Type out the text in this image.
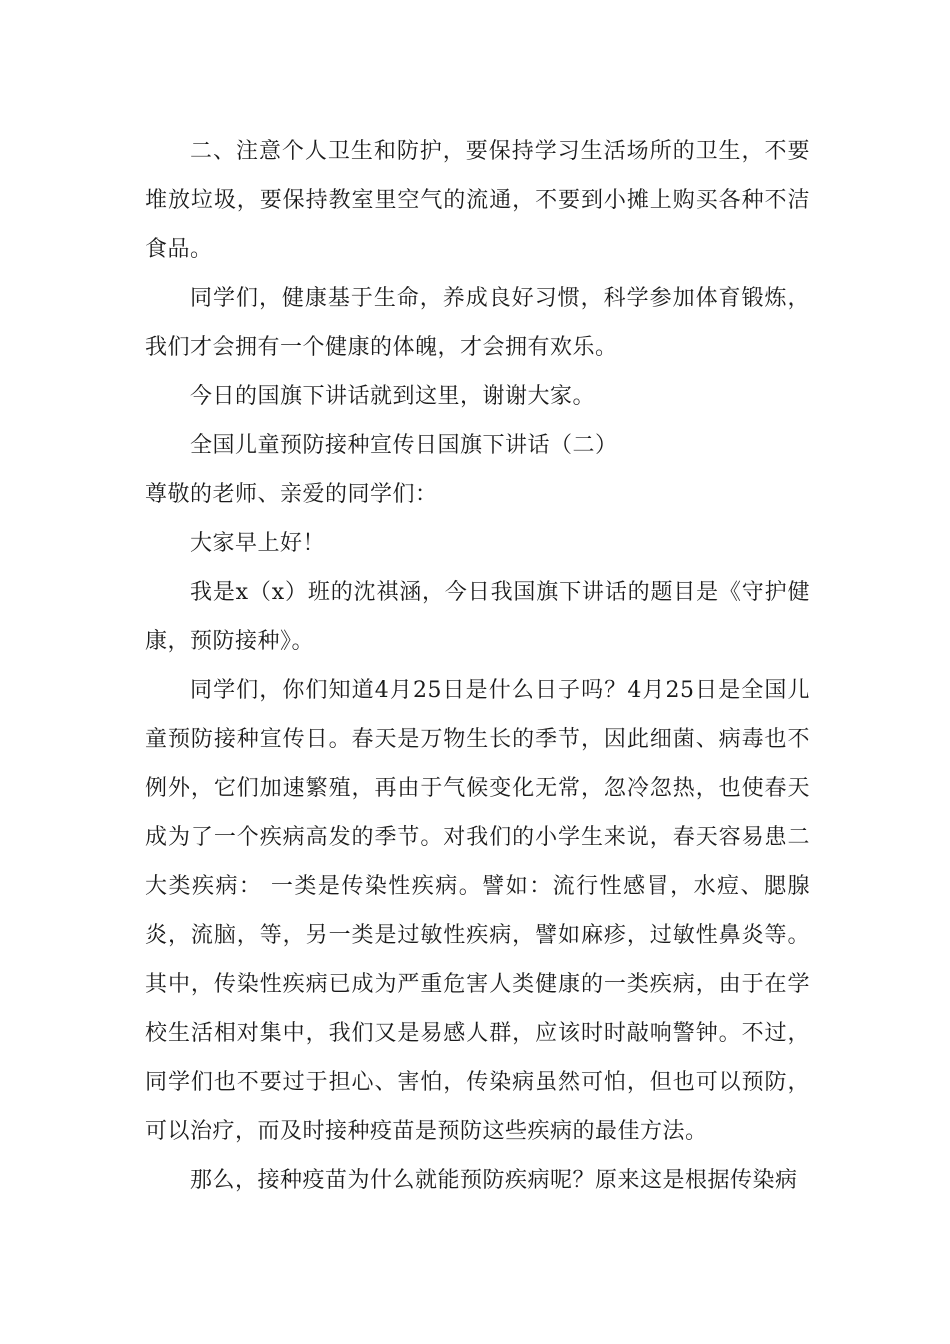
二、注意个人卫生和防护，要保持学习生活场所的卫生，不要堆放垃圾，要保持教室里空气的流通，不要到小摊上购买各种不洁食品。

同学们，健康基于生命，养成良好习惯，科学参加体育锻炼，我们才会拥有一个健康的体魄，才会拥有欢乐。

今日的国旗下讲话就到这里，谢谢大家。

全国儿童预防接种宣传日国旗下讲话（二）

尊敬的老师、亲爱的同学们：

大家早上好！

我是x（x）班的沈祺涵，今日我国旗下讲话的题目是《守护健康，预防接种》。

同学们，你们知道4月25日是什么日子吗？4月25日是全国儿童预防接种宣传日。春天是万物生长的季节，因此细菌、病毒也不例外，它们加速繁殖，再由于气候变化无常，忽冷忽热，也使春天成为了一个疾病高发的季节。对我们的小学生来说，春天容易患二大类疾病： 一类是传染性疾病。譬如：流行性感冒，水痘、腮腺炎，流脑，等，另一类是过敏性疾病，譬如麻疹，过敏性鼻炎等。其中，传染性疾病已成为严重危害人类健康的一类疾病，由于在学校生活相对集中，我们又是易感人群，应该时时敲响警钟。不过，同学们也不要过于担心、害怕，传染病虽然可怕，但也可以预防，可以治疗，而及时接种疫苗是预防这些疾病的最佳方法。

那么，接种疫苗为什么就能预防疾病呢？原来这是根据传染病
